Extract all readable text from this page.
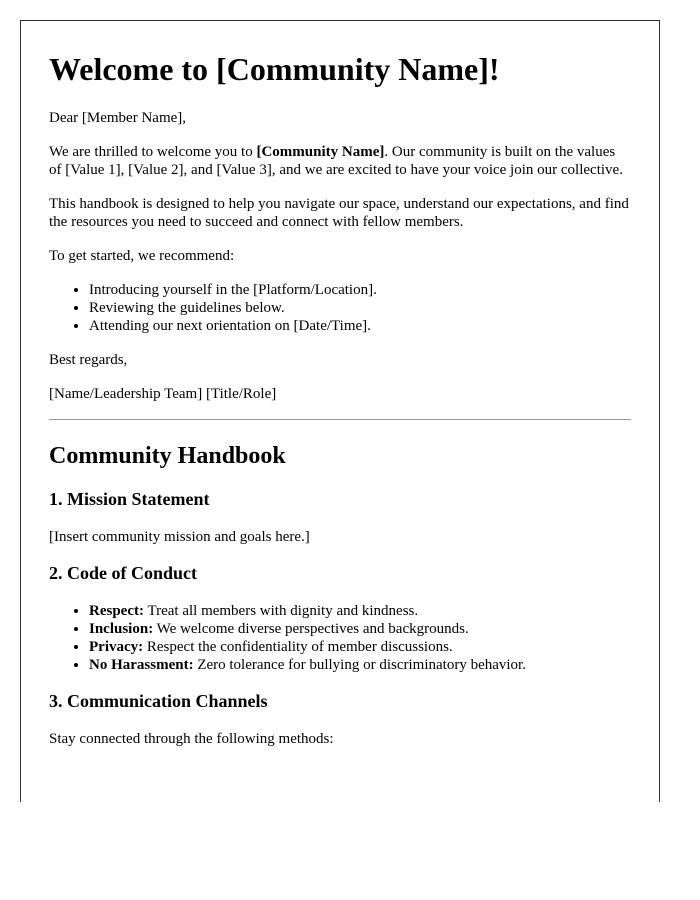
Welcome to [Community Name]!

Dear [Member Name],

We are thrilled to welcome you to [Community Name]. Our community is built on the values of [Value 1], [Value 2], and [Value 3], and we are excited to have your voice join our collective.

This handbook is designed to help you navigate our space, understand our expectations, and find the resources you need to succeed and connect with fellow members.

To get started, we recommend:

• Introducing yourself in the [Platform/Location].
• Reviewing the guidelines below.
• Attending our next orientation on [Date/Time].

Best regards,

[Name/Leadership Team] [Title/Role]

Community Handbook
1. Mission Statement

[Insert community mission and goals here.]

2. Code of Conduct
• Respect: Treat all members with dignity and kindness.
• Inclusion: We welcome diverse perspectives and backgrounds.
• Privacy: Respect the confidentiality of member discussions.
• No Harassment: Zero tolerance for bullying or discriminatory behavior.
3. Communication Channels

Stay connected through the following methods:
